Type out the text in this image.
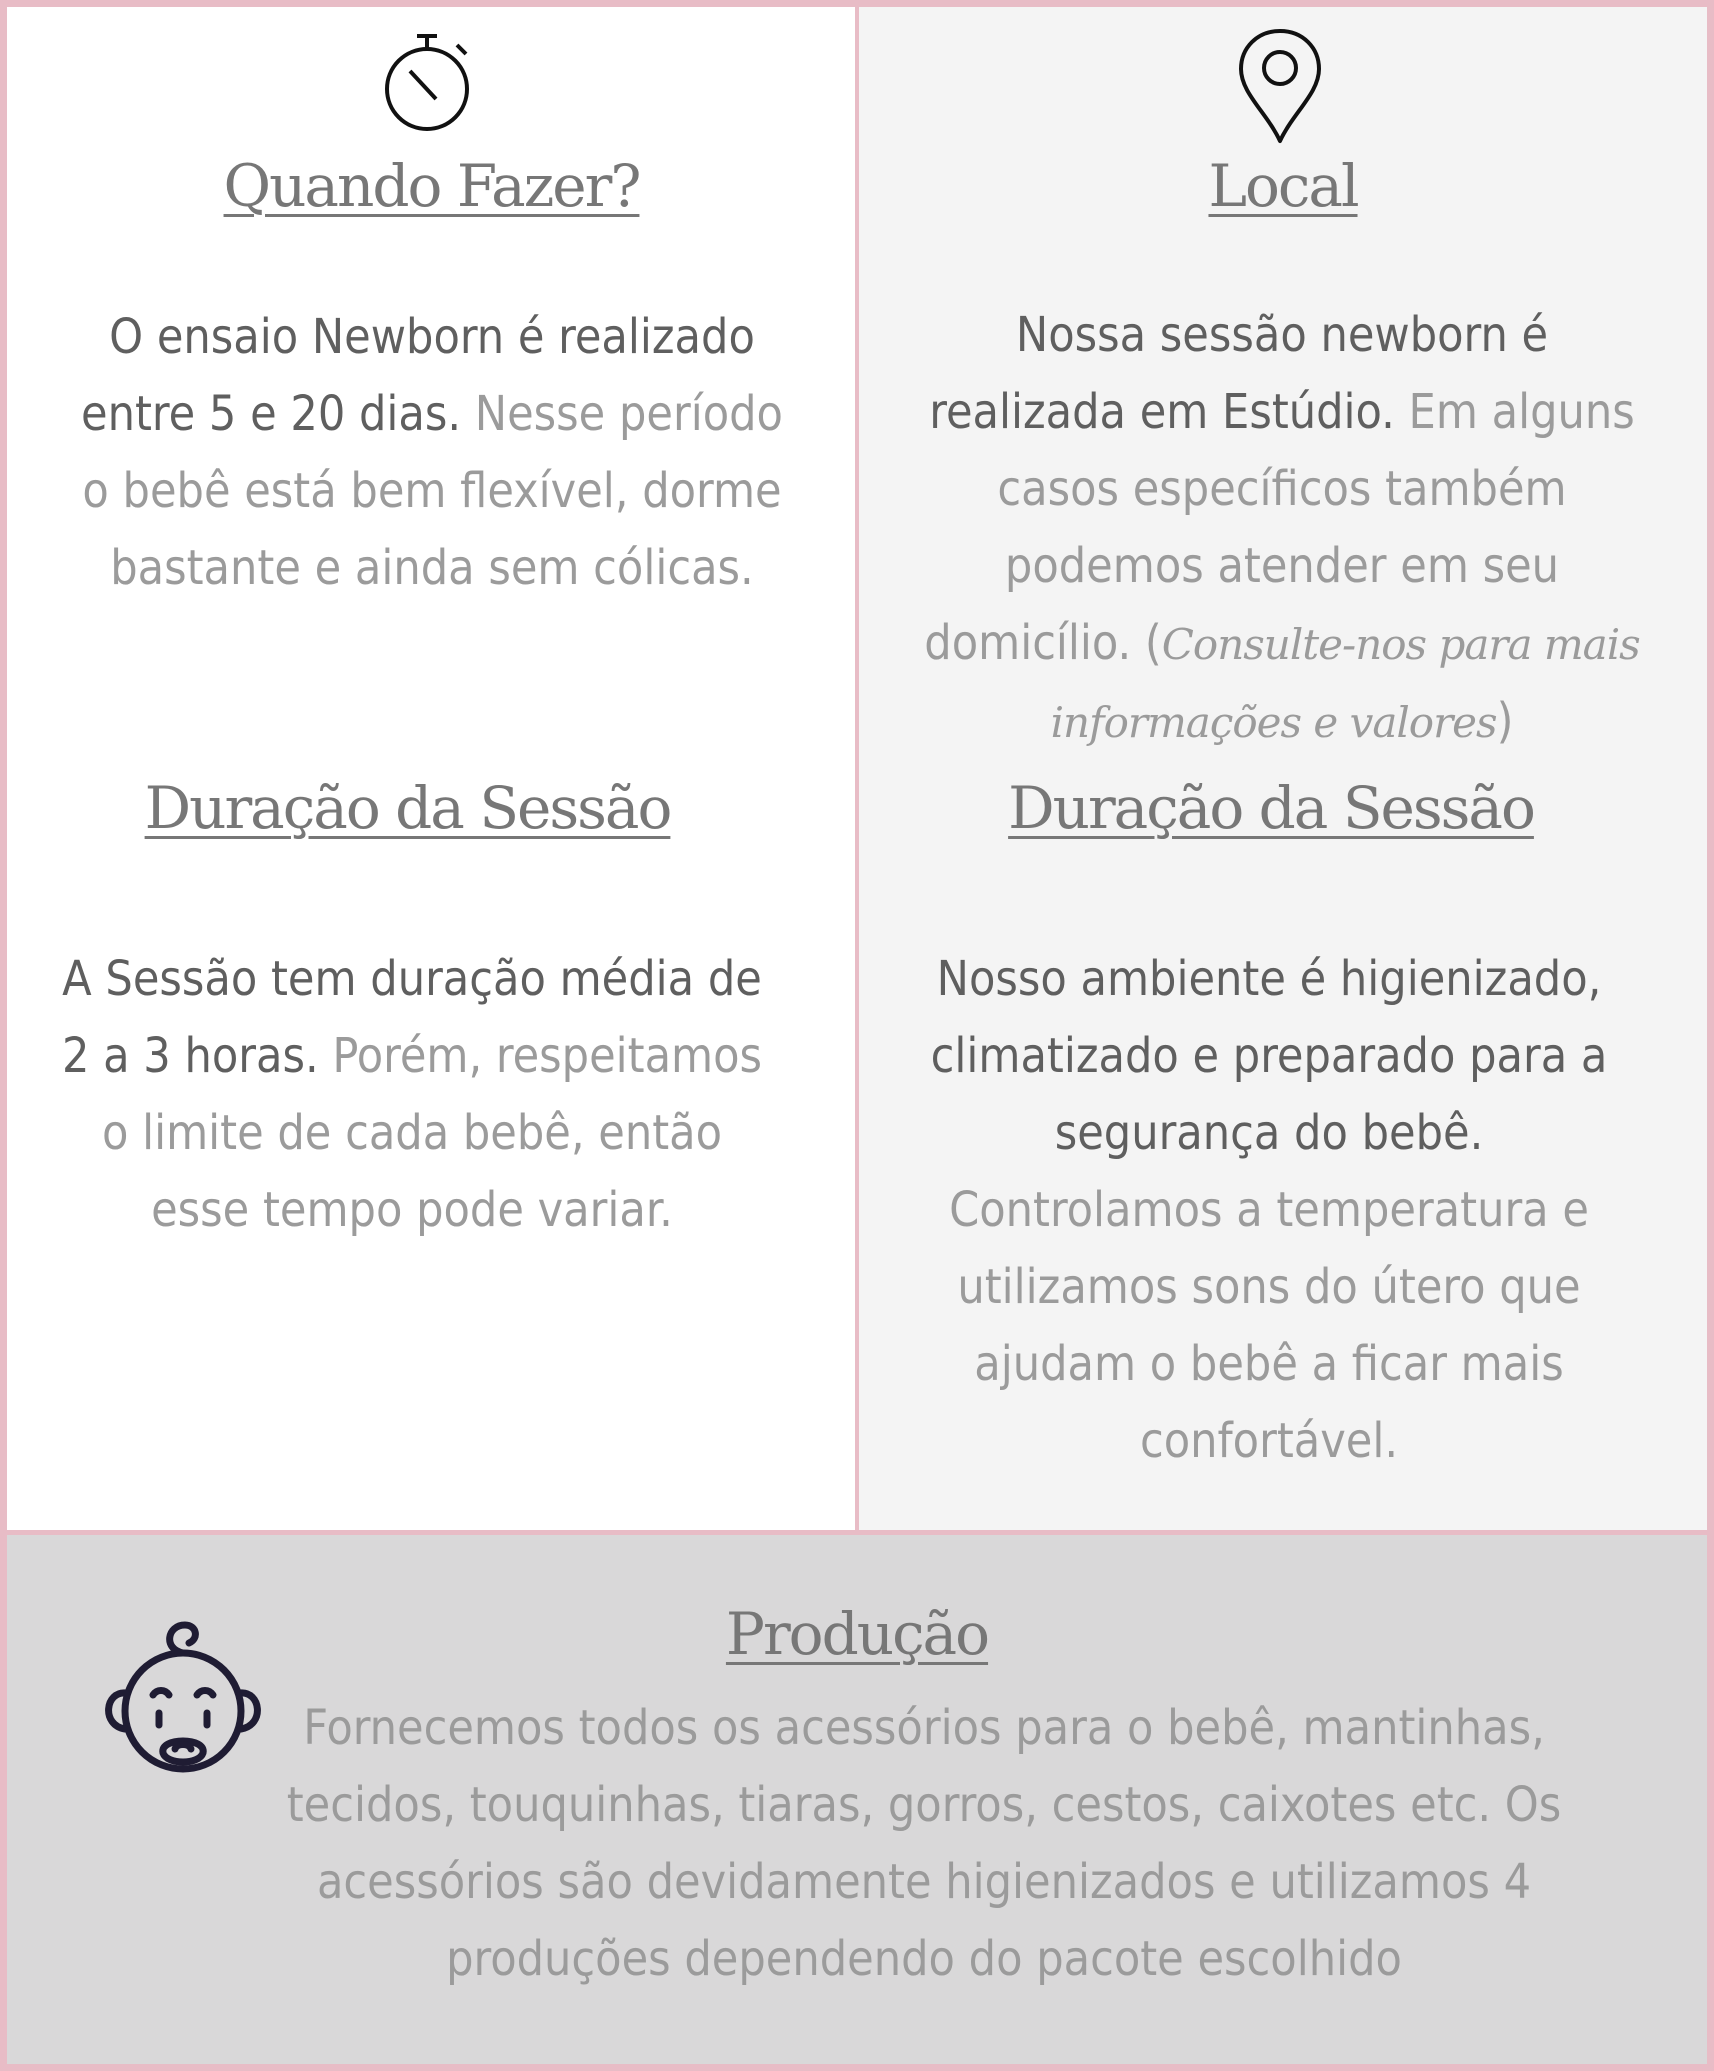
Quando Fazer?

O ensaio Newborn é realizado entre 5 e 20 dias. Nesse período o bebê está bem flexível, dorme bastante e ainda sem cólicas.

Duração da Sessão

A Sessão tem duração média de 2 a 3 horas. Porém, respeitamos o limite de cada bebê, então esse tempo pode variar.

Local

Nossa sessão newborn é realizada em Estúdio. Em alguns casos específicos também podemos atender em seu domicílio. (Consulte-nos para mais informações e valores)

Duração da Sessão

Nosso ambiente é higienizado, climatizado e preparado para a segurança do bebê. Controlamos a temperatura e utilizamos sons do útero que ajudam o bebê a ficar mais confortável.

Produção

Fornecemos todos os acessórios para o bebê, mantinhas, tecidos, touquinhas, tiaras, gorros, cestos, caixotes etc. Os acessórios são devidamente higienizados e utilizamos 4 produções dependendo do pacote escolhido
